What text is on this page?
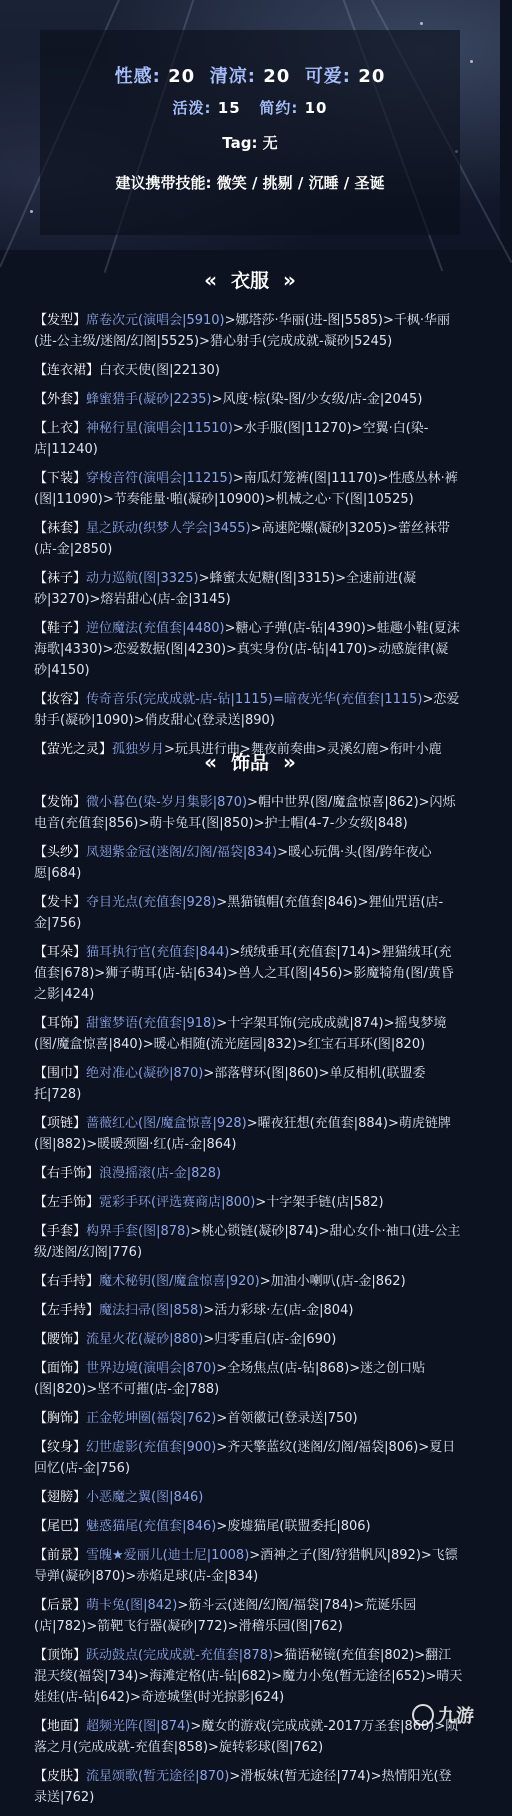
性感: 20 清凉: 20 可爱: 20
活泼: 15 简约: 10
Tag: 无
建议携带技能: 微笑 / 挑剔 / 沉睡 / 圣诞
« 衣服 »
【发型】席卷次元(演唱会|5910)>娜塔莎·华丽(进-图|5585)>千枫·华丽(进-公主级/迷阁/幻阁|5525)>猎心射手(完成成就-凝砂|5245)
【连衣裙】白衣天使(图|22130)
【外套】蜂蜜猎手(凝砂|2235)>风度·棕(染-图/少女级/店-金|2045)
【上衣】神秘行星(演唱会|11510)>水手服(图|11270)>空翼·白(染-店|11240)
【下装】穿梭音符(演唱会|11215)>南瓜灯笼裤(图|11170)>性感丛林·裤(图|11090)>节奏能量·啪(凝砂|10900)>机械之心·下(图|10525)
【袜套】星之跃动(织梦人学会|3455)>高速陀螺(凝砂|3205)>蕾丝袜带(店-金|2850)
【袜子】动力巡航(图|3325)>蜂蜜太妃糖(图|3315)>全速前进(凝砂|3270)>熔岩甜心(店-金|3145)
【鞋子】逆位魔法(充值套|4480)>糖心子弹(店-钻|4390)>蛙趣小鞋(夏沫海歌|4330)>恋爱数据(图|4230)>真实身份(店-钻|4170)>动感旋律(凝砂|4150)
【妆容】传奇音乐(完成成就-店-钻|1115)=暗夜光华(充值套|1115)>恋爱射手(凝砂|1090)>俏皮甜心(登录送|890)
【萤光之灵】孤独岁月>玩具进行曲>舞夜前奏曲>灵溪幻鹿>衔叶小鹿
« 饰品 »
【发饰】微小暮色(染-岁月集影|870)>帽中世界(图/魔盒惊喜|862)>闪烁电音(充值套|856)>萌卡兔耳(图|850)>护士帽(4-7-少女级|848)
【头纱】凤翅紫金冠(迷阁/幻阁/福袋|834)>暖心玩偶·头(图/跨年夜心愿|684)
【发卡】夺目光点(充值套|928)>黑猫镇帽(充值套|846)>狸仙咒语(店-金|756)
【耳朵】猫耳执行官(充值套|844)>绒绒垂耳(充值套|714)>狸猫绒耳(充值套|678)>狮子萌耳(店-钻|634)>兽人之耳(图|456)>影魔犄角(图/黄昏之影|424)
【耳饰】甜蜜梦语(充值套|918)>十字架耳饰(完成成就|874)>摇曳梦境(图/魔盒惊喜|840)>暖心相随(流光庭园|832)>红宝石耳环(图|820)
【围巾】绝对准心(凝砂|870)>部落臂环(图|860)>单反相机(联盟委托|728)
【项链】蔷薇红心(图/魔盒惊喜|928)>曜夜狂想(充值套|884)>萌虎链牌(图|882)>暖暖颈圈·红(店-金|864)
【右手饰】浪漫摇滚(店-金|828)
【左手饰】霓彩手环(评选赛商店|800)>十字架手链(店|582)
【手套】构界手套(图|878)>桃心锁链(凝砂|874)>甜心女仆·袖口(进-公主级/迷阁/幻阁|776)
【右手持】魔术秘钥(图/魔盒惊喜|920)>加油小喇叭(店-金|862)
【左手持】魔法扫帚(图|858)>活力彩球·左(店-金|804)
【腰饰】流星火花(凝砂|880)>归零重启(店-金|690)
【面饰】世界边境(演唱会|870)>全场焦点(店-钻|868)>迷之创口贴(图|820)>坚不可摧(店-金|788)
【胸饰】正金乾坤圈(福袋|762)>首领徽记(登录送|750)
【纹身】幻世虚影(充值套|900)>齐天擎蓝纹(迷阁/幻阁/福袋|806)>夏日回忆(店-金|756)
【翅膀】小恶魔之翼(图|846)
【尾巴】魅惑猫尾(充值套|846)>废墟猫尾(联盟委托|806)
【前景】雪魄★爱丽儿(迪士尼|1008)>酒神之子(图/狩猎帆风|892)>飞镖导弹(凝砂|870)>赤焰足球(店-金|834)
【后景】萌卡兔(图|842)>筋斗云(迷阁/幻阁/福袋|784)>荒诞乐园(店|782)>箭靶飞行器(凝砂|772)>滑稽乐园(图|762)
【顶饰】跃动鼓点(完成成就-充值套|878)>猫语秘镜(充值套|802)>翻江混天绫(福袋|734)>海滩定格(店-钻|682)>魔力小兔(暂无途径|652)>晴天娃娃(店-钻|642)>奇迹城堡(时光掠影|624)
【地面】超频光阵(图|874)>魔女的游戏(完成成就-2017万圣套|860)>陨落之月(完成成就-充值套|858)>旋转彩球(图|762)
【皮肤】流星颂歌(暂无途径|870)>滑板妹(暂无途径|774)>热情阳光(登录送|762)
九游
